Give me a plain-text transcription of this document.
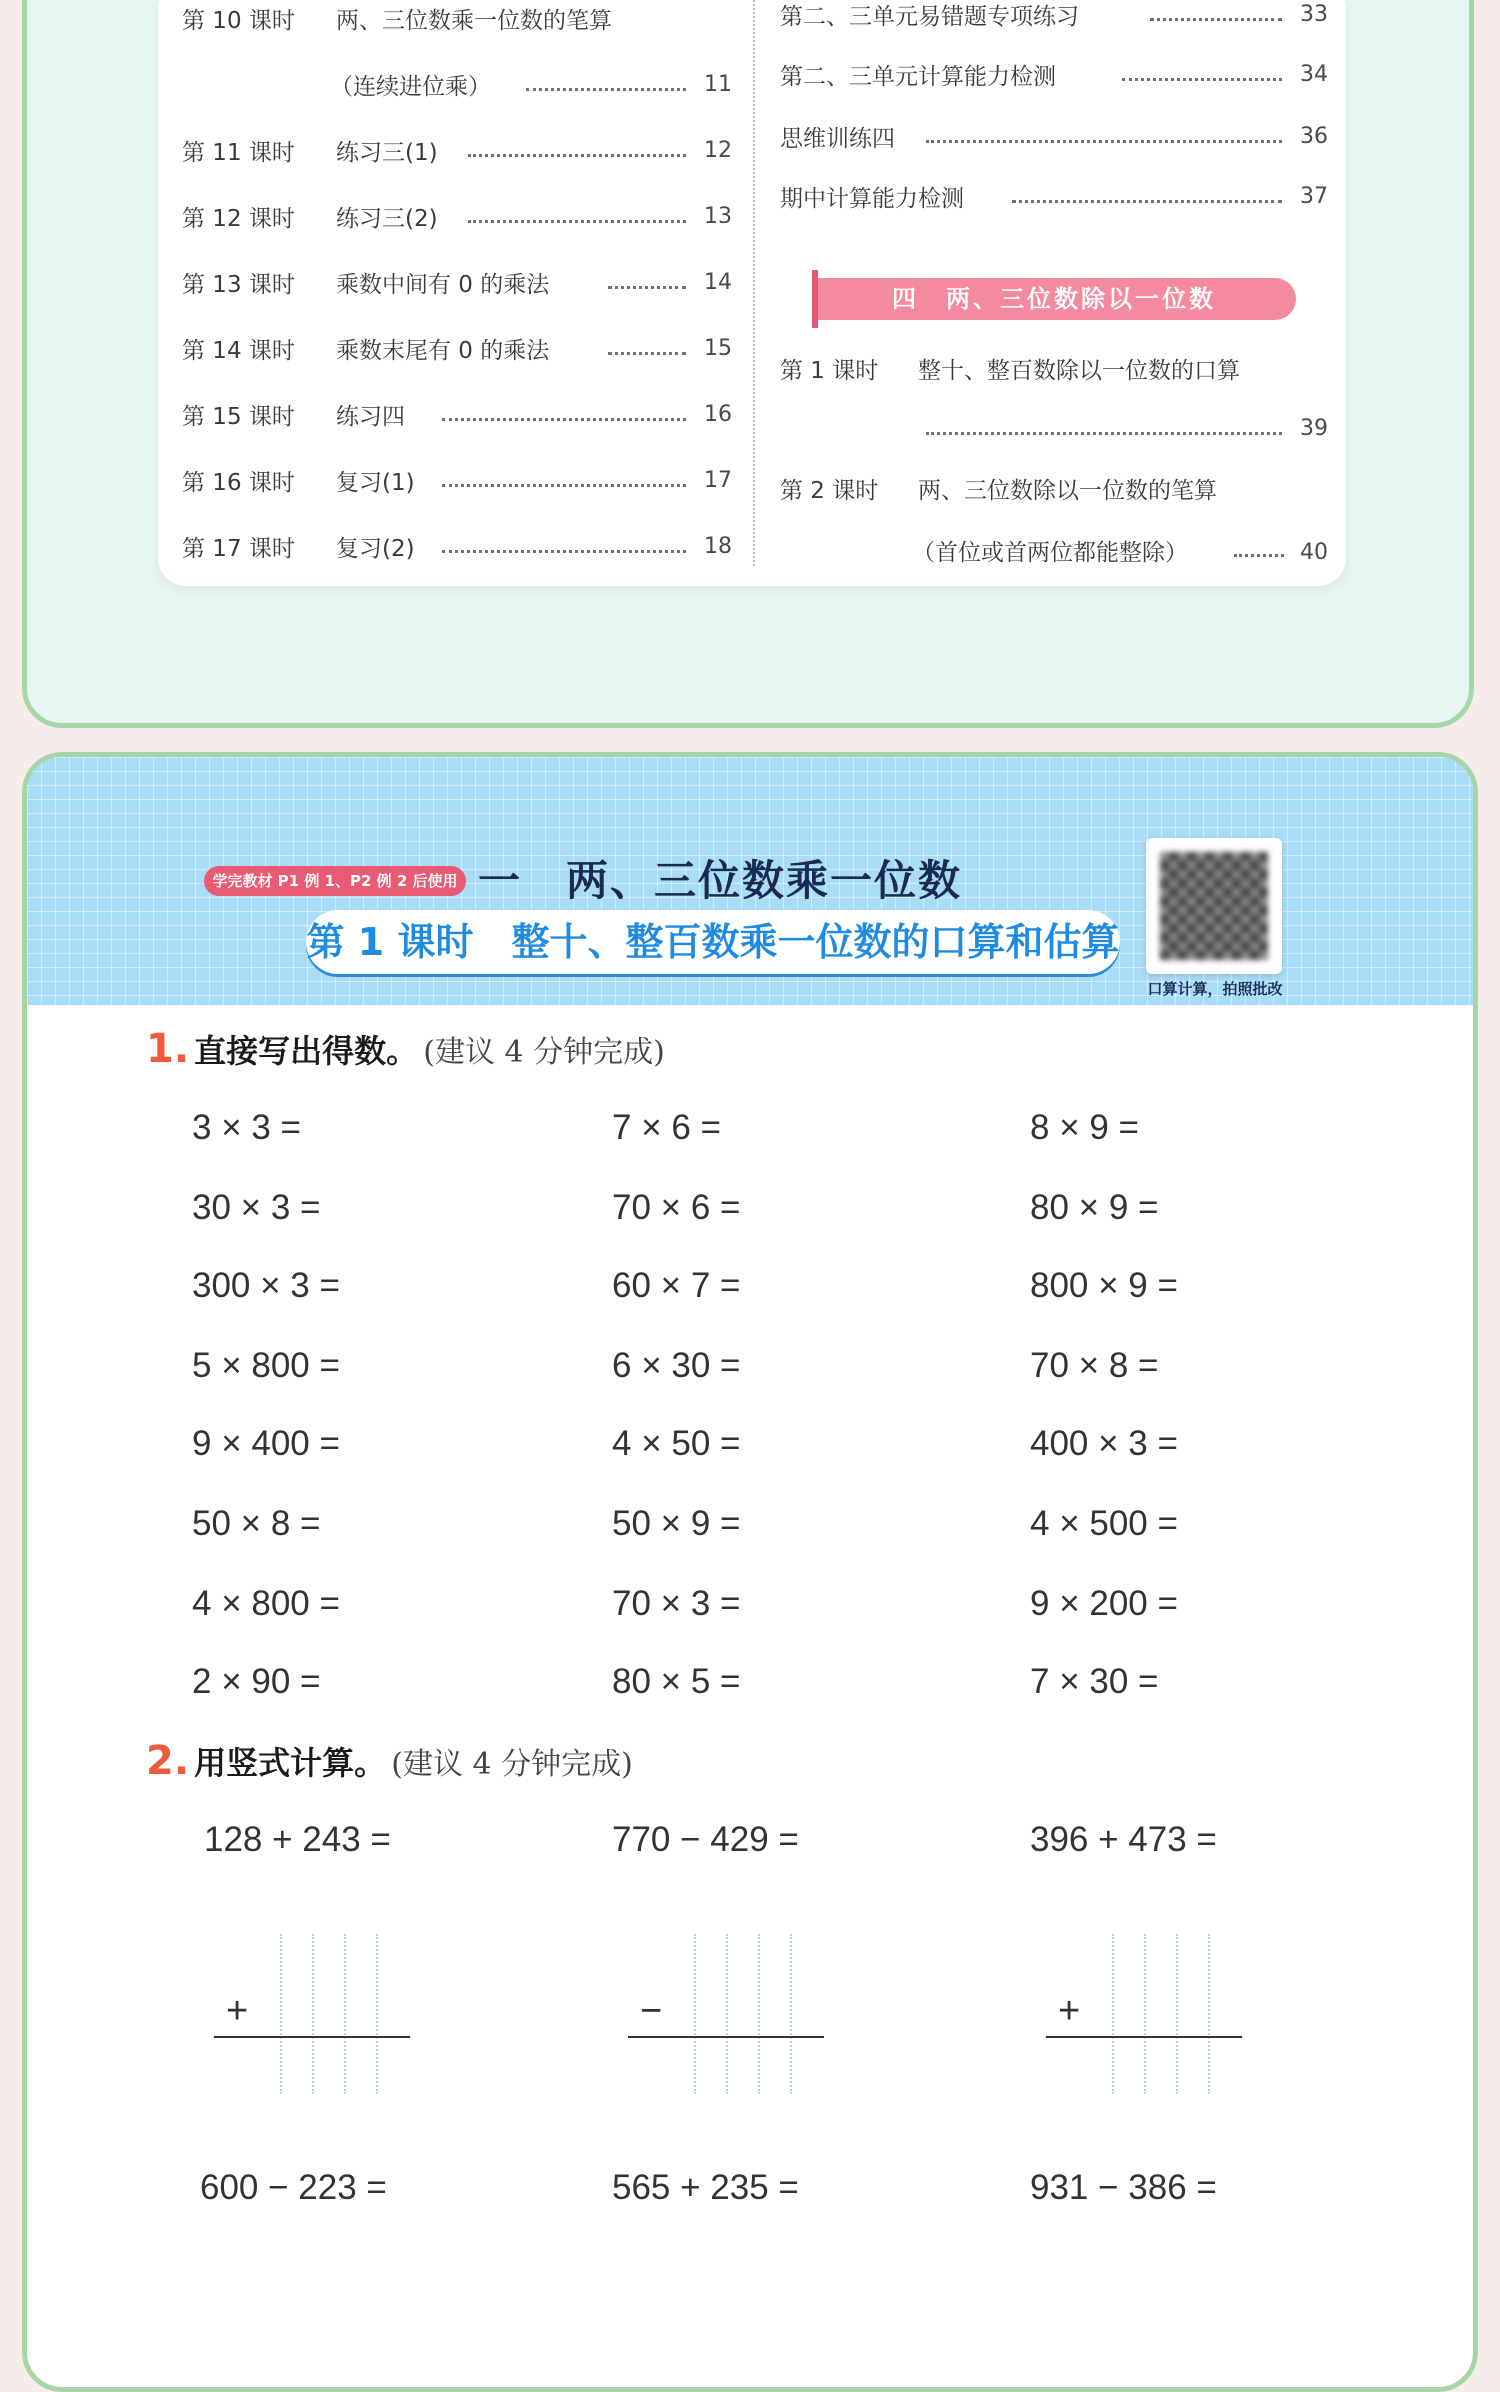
第 10 课时 两、三位数乘一位数的笔算
（连续进位乘）	11
第 11 课时 练习三(1)	12
第 12 课时 练习三(2)	13
第 13 课时 乘数中间有 0 的乘法	14
第 14 课时 乘数末尾有 0 的乘法	15
第 15 课时 练习四	16
第 16 课时 复习(1)	17
第 17 课时 复习(2)	18
第二、三单元易错题专项练习	33
第二、三单元计算能力检测	34
思维训练四	36
期中计算能力检测	37
四　两、三位数除以一位数
第 1 课时 整十、整百数除以一位数的口算
39
第 2 课时 两、三位数除以一位数的笔算
（首位或首两位都能整除）	40
学完教材 P1 例 1、P2 例 2 后使用 一　两、三位数乘一位数
第 1 课时　整十、整百数乘一位数的口算和估算
口算计算，拍照批改
1. 直接写出得数。 (建议 4 分钟完成)
3 × 3 =	7 × 6 =	8 × 9 =
30 × 3 =	70 × 6 =	80 × 9 =
300 × 3 =	60 × 7 =	800 × 9 =
5 × 800 =	6 × 30 =	70 × 8 =
9 × 400 =	4 × 50 =	400 × 3 =
50 × 8 =	50 × 9 =	4 × 500 =
4 × 800 =	70 × 3 =	9 × 200 =
2 × 90 =	80 × 5 =	7 × 30 =
2. 用竖式计算。 (建议 4 分钟完成)
128 + 243 =	770 − 429 =	396 + 473 =
+	−	+
600 − 223 =	565 + 235 =	931 − 386 =
